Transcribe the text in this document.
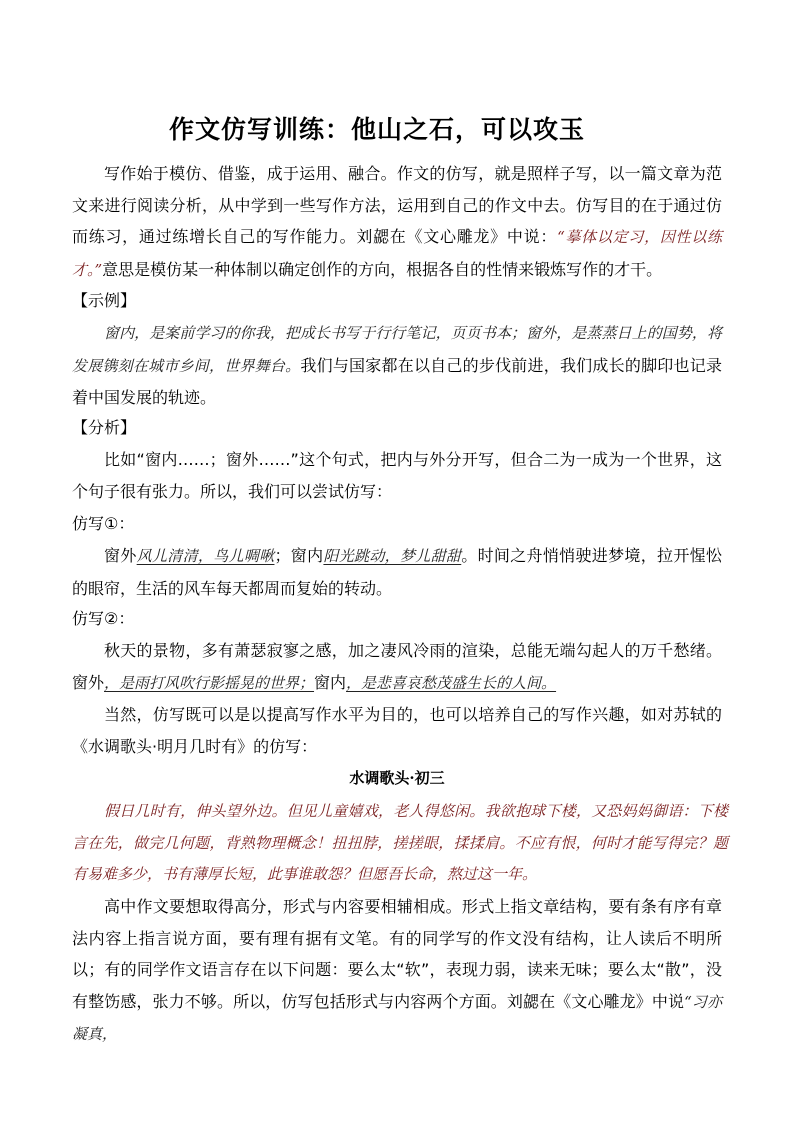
作文仿写训练：他山之石，可以攻玉
写作始于模仿、借鉴，成于运用、融合。作文的仿写，就是照样子写，以一篇文章为范文来进行阅读分析，从中学到一些写作方法，运用到自己的作文中去。仿写目的在于通过仿而练习，通过练增长自己的写作能力。刘勰在《文心雕龙》中说：“摹体以定习，因性以练才。”意思是模仿某一种体制以确定创作的方向，根据各自的性情来锻炼写作的才干。
【示例】
窗内，是案前学习的你我，把成长书写于行行笔记，页页书本；窗外，是蒸蒸日上的国势，将发展镌刻在城市乡间，世界舞台。我们与国家都在以自己的步伐前进，我们成长的脚印也记录着中国发展的轨迹。
【分析】
比如“窗内……；窗外……”这个句式，把内与外分开写，但合二为一成为一个世界，这个句子很有张力。所以，我们可以尝试仿写：
仿写①：
窗外风儿清清，鸟儿啁啾；窗内阳光跳动，梦儿甜甜。时间之舟悄悄驶进梦境，拉开惺忪的眼帘，生活的风车每天都周而复始的转动。
仿写②：
秋天的景物，多有萧瑟寂寥之感，加之凄风冷雨的渲染，总能无端勾起人的万千愁绪。窗外，是雨打风吹行影摇晃的世界；窗内，是悲喜哀愁茂盛生长的人间。
当然，仿写既可以是以提高写作水平为目的，也可以培养自己的写作兴趣，如对苏轼的《水调歌头·明月几时有》的仿写：
水调歌头·初三
假日几时有，伸头望外边。但见儿童嬉戏，老人得悠闲。我欲抱球下楼，又恐妈妈御语：下楼言在先，做完几何题，背熟物理概念！扭扭脖，搓搓眼，揉揉肩。不应有恨，何时才能写得完？题有易难多少，书有薄厚长短，此事谁敢怨？但愿吾长命，熬过这一年。
高中作文要想取得高分，形式与内容要相辅相成。形式上指文章结构，要有条有序有章法内容上指言说方面，要有理有据有文笔。有的同学写的作文没有结构，让人读后不明所以；有的同学作文语言存在以下问题：要么太“软”，表现力弱，读来无味；要么太“散”，没有整饬感，张力不够。所以，仿写包括形式与内容两个方面。刘勰在《文心雕龙》中说“习亦凝真，
